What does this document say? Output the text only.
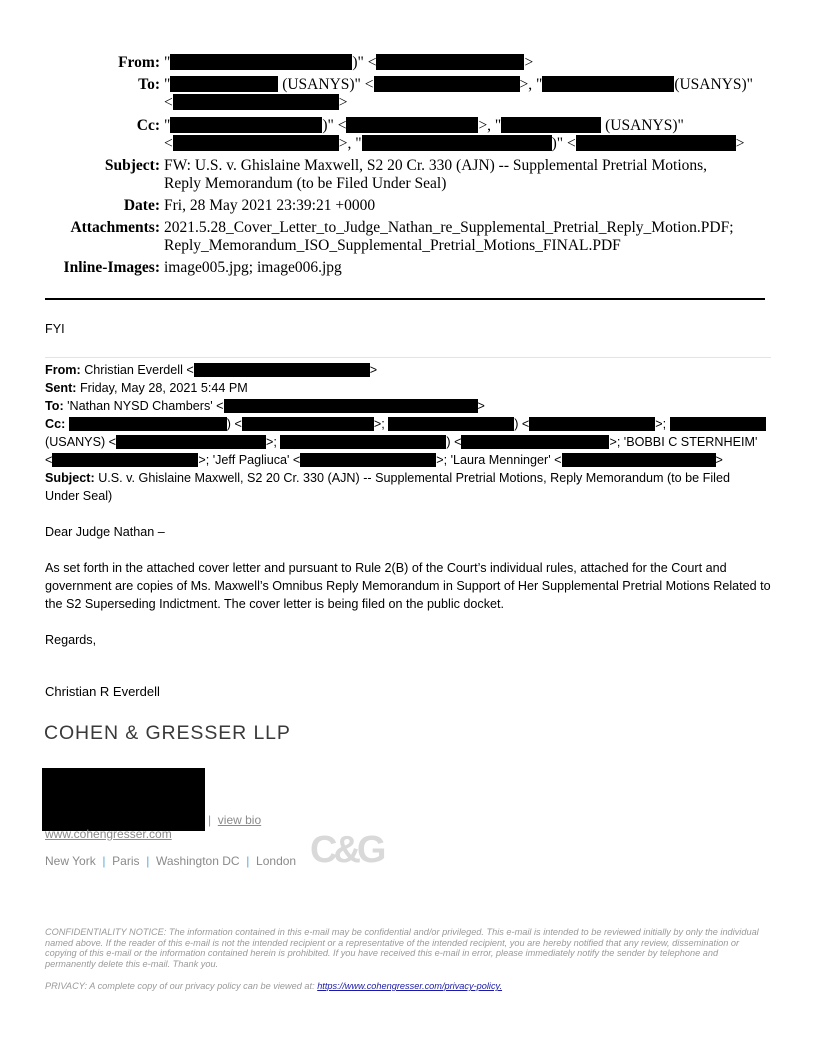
From: "	)" <	>
To: "	(USANYS)" <	>, "	(USANYS)"
<	>
Cc: "	)" <	>, "	(USANYS)"
<	>, "	)" <	>
Subject: FW: U.S. v. Ghislaine Maxwell, S2 20 Cr. 330 (AJN) -- Supplemental Pretrial Motions,
Reply Memorandum (to be Filed Under Seal)
Date: Fri, 28 May 2021 23:39:21 +0000
Attachments: 2021.5.28_Cover_Letter_to_Judge_Nathan_re_Supplemental_Pretrial_Reply_Motion.PDF;
Reply_Memorandum_ISO_Supplemental_Pretrial_Motions_FINAL.PDF
Inline-Images: image005.jpg; image006.jpg
FYI
From: Christian Everdell <	>
Sent: Friday, May 28, 2021 5:44 PM
To: 'Nathan NYSD Chambers' <	>
Cc:	) <	>;	) <	>;
(USANYS) <	>;	) <	>; 'BOBBI C STERNHEIM'
<	>; 'Jeff Pagliuca' <	>; 'Laura Menninger' <	>
Subject: U.S. v. Ghislaine Maxwell, S2 20 Cr. 330 (AJN) -- Supplemental Pretrial Motions, Reply Memorandum (to be Filed
Under Seal)
Dear Judge Nathan –
As set forth in the attached cover letter and pursuant to Rule 2(B) of the Court’s individual rules, attached for the Court and government are copies of Ms. Maxwell’s Omnibus Reply Memorandum in Support of Her Supplemental Pretrial Motions Related to the S2 Superseding Indictment. The cover letter is being filed on the public docket.
Regards,
Christian R Everdell
COHEN & GRESSER LLP
| view bio
www.cohengresser.com
New York | Paris | Washington DC | London C&G
CONFIDENTIALITY NOTICE: The information contained in this e-mail may be confidential and/or privileged. This e-mail is intended to be reviewed initially by only the individual named above. If the reader of this e-mail is not the intended recipient or a representative of the intended recipient, you are hereby notified that any review, dissemination or copying of this e-mail or the information contained herein is prohibited. If you have received this e-mail in error, please immediately notify the sender by telephone and permanently delete this e-mail. Thank you.
PRIVACY: A complete copy of our privacy policy can be viewed at: https://www.cohengresser.com/privacy-policy.
